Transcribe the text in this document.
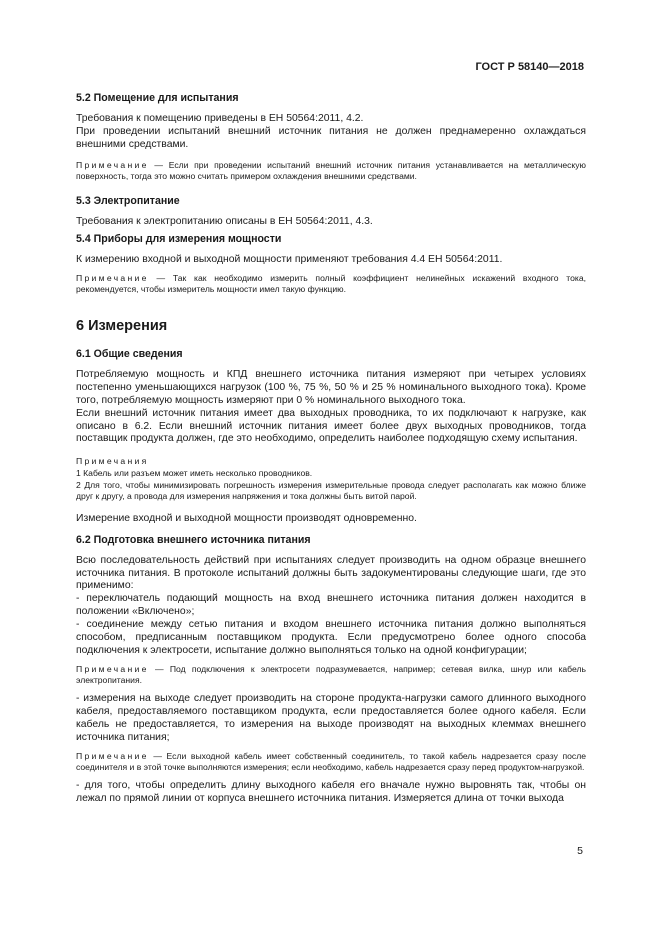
ГОСТ Р 58140—2018
5.2 Помещение для испытания

Требования к помещению приведены в ЕН 50564:2011, 4.2.

При проведении испытаний внешний источник питания не должен преднамеренно охлаждаться внешними средствами.

Примечание — Если при проведении испытаний внешний источник питания устанавливается на металлическую поверхность, тогда это можно считать примером охлаждения внешними средствами.

5.3 Электропитание

Требования к электропитанию описаны в ЕН 50564:2011, 4.3.

5.4 Приборы для измерения мощности

К измерению входной и выходной мощности применяют требования 4.4 ЕН 50564:2011.

Примечание — Так как необходимо измерить полный коэффициент нелинейных искажений входного тока, рекомендуется, чтобы измеритель мощности имел такую функцию.

6 Измерения
6.1 Общие сведения

Потребляемую мощность и КПД внешнего источника питания измеряют при четырех условиях постепенно уменьшающихся нагрузок (100 %, 75 %, 50 % и 25 % номинального выходного тока). Кроме того, потребляемую мощность измеряют при 0 % номинального выходного тока.

Если внешний источник питания имеет два выходных проводника, то их подключают к нагрузке, как описано в 6.2. Если внешний источник питания имеет более двух выходных проводников, тогда поставщик продукта должен, где это необходимо, определить наиболее подходящую схему испытания.

Примечания

1 Кабель или разъем может иметь несколько проводников.

2 Для того, чтобы минимизировать погрешность измерения измерительные провода следует располагать как можно ближе друг к другу, а провода для измерения напряжения и тока должны быть витой парой.

Измерение входной и выходной мощности производят одновременно.

6.2 Подготовка внешнего источника питания

Всю последовательность действий при испытаниях следует производить на одном образце внешнего источника питания. В протоколе испытаний должны быть задокументированы следующие шаги, где это применимо:

- переключатель подающий мощность на вход внешнего источника питания должен находится в положении «Включено»;

- соединение между сетью питания и входом внешнего источника питания должно выполняться способом, предписанным поставщиком продукта. Если предусмотрено более одного способа подключения к электросети, испытание должно выполняться только на одной конфигурации;

Примечание — Под подключения к электросети подразумевается, например; сетевая вилка, шнур или кабель электропитания.

- измерения на выходе следует производить на стороне продукта-нагрузки самого длинного выходного кабеля, предоставляемого поставщиком продукта, если предоставляется более одного кабеля. Если кабель не предоставляется, то измерения на выходе производят на выходных клеммах внешнего источника питания;

Примечание — Если выходной кабель имеет собственный соединитель, то такой кабель надрезается сразу после соединителя и в этой точке выполняются измерения; если необходимо, кабель надрезается сразу перед продуктом-нагрузкой.

- для того, чтобы определить длину выходного кабеля его вначале нужно выровнять так, чтобы он лежал по прямой линии от корпуса внешнего источника питания. Измеряется длина от точки выхода

5
